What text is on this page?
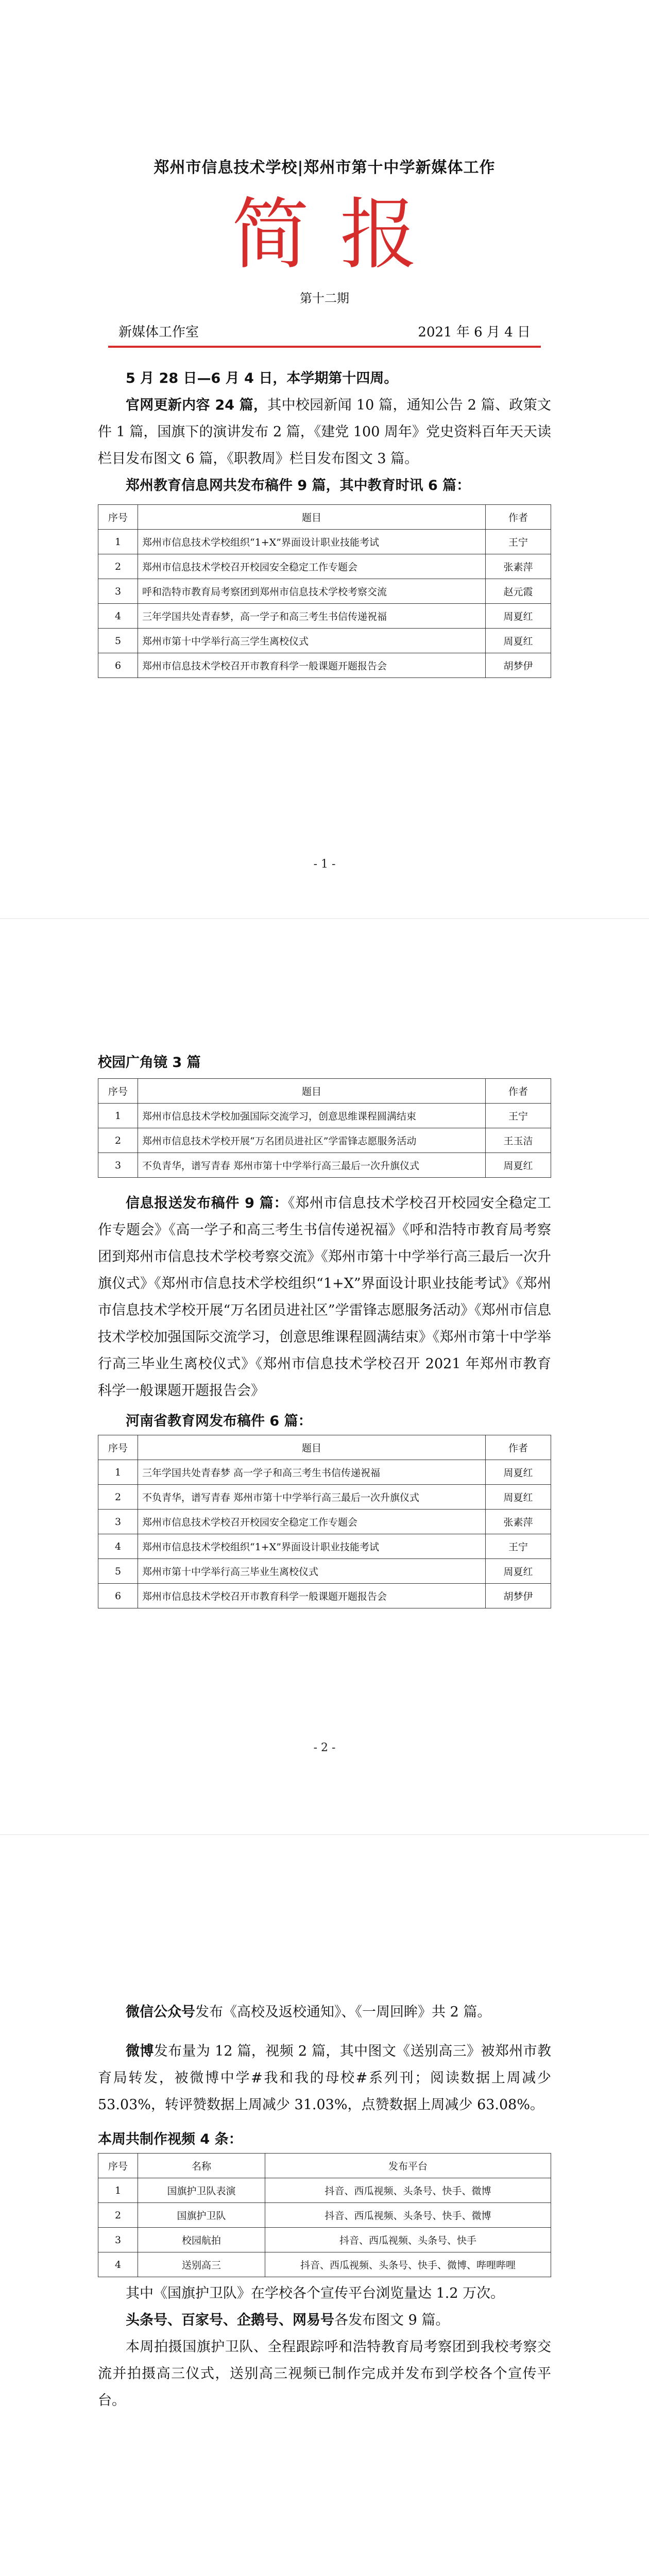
郑州市信息技术学校|郑州市第十中学新媒体工作
简报
第十二期
新媒体工作室	2021 年 6 月 4 日

5 月 28 日—6 月 4 日，本学期第十四周。

官网更新内容 24 篇，其中校园新闻 10 篇，通知公告 2 篇、政策文件 1 篇，国旗下的演讲发布 2 篇，《建党 100 周年》党史资料百年天天读栏目发布图文 6 篇，《职教周》栏目发布图文 3 篇。

郑州教育信息网共发布稿件 9 篇，其中教育时讯 6 篇：

序号	题目	作者
1	郑州市信息技术学校组织“1+X”界面设计职业技能考试	王宁
2	郑州市信息技术学校召开校园安全稳定工作专题会	张素萍
3	呼和浩特市教育局考察团到郑州市信息技术学校考察交流	赵元霞
4	三年学国共处青春梦，高一学子和高三考生书信传递祝福	周夏红
5	郑州市第十中学举行高三学生离校仪式	周夏红
6	郑州市信息技术学校召开市教育科学一般课题开题报告会	胡梦伊
- 1 -
校园广角镜 3 篇
序号	题目	作者
1	郑州市信息技术学校加强国际交流学习，创意思维课程圆满结束	王宁
2	郑州市信息技术学校开展“万名团员进社区”学雷锋志愿服务活动	王玉洁
3	不负青华，谱写青春 郑州市第十中学举行高三最后一次升旗仪式	周夏红

信息报送发布稿件 9 篇：《郑州市信息技术学校召开校园安全稳定工作专题会》《高一学子和高三考生书信传递祝福》《呼和浩特市教育局考察团到郑州市信息技术学校考察交流》《郑州市第十中学举行高三最后一次升旗仪式》《郑州市信息技术学校组织“1+X”界面设计职业技能考试》《郑州市信息技术学校开展“万名团员进社区”学雷锋志愿服务活动》《郑州市信息技术学校加强国际交流学习，创意思维课程圆满结束》《郑州市第十中学举行高三毕业生离校仪式》《郑州市信息技术学校召开 2021 年郑州市教育科学一般课题开题报告会》

河南省教育网发布稿件 6 篇：
序号	题目	作者
1	三年学国共处青春梦 高一学子和高三考生书信传递祝福	周夏红
2	不负青华，谱写青春 郑州市第十中学举行高三最后一次升旗仪式	周夏红
3	郑州市信息技术学校召开校园安全稳定工作专题会	张素萍
4	郑州市信息技术学校组织“1+X”界面设计职业技能考试	王宁
5	郑州市第十中学举行高三毕业生离校仪式	周夏红
6	郑州市信息技术学校召开市教育科学一般课题开题报告会	胡梦伊
- 2 -

微信公众号发布《高校及返校通知》、《一周回眸》共 2 篇。

微博发布量为 12 篇，视频 2 篇，其中图文《送别高三》被郑州市教育局转发，被微博中学#我和我的母校#系列刊；阅读数据上周减少 53.03%，转评赞数据上周减少 31.03%，点赞数据上周减少 63.08%。

本周共制作视频 4 条：
序号	名称	发布平台
1	国旗护卫队表演	抖音、西瓜视频、头条号、快手、微博
2	国旗护卫队	抖音、西瓜视频、头条号、快手、微博
3	校园航拍	抖音、西瓜视频、头条号、快手
4	送别高三	抖音、西瓜视频、头条号、快手、微博、哔哩哔哩

其中《国旗护卫队》在学校各个宣传平台浏览量达 1.2 万次。

头条号、百家号、企鹅号、网易号各发布图文 9 篇。

本周拍摄国旗护卫队、全程跟踪呼和浩特教育局考察团到我校考察交流并拍摄高三仪式，送别高三视频已制作完成并发布到学校各个宣传平台。
